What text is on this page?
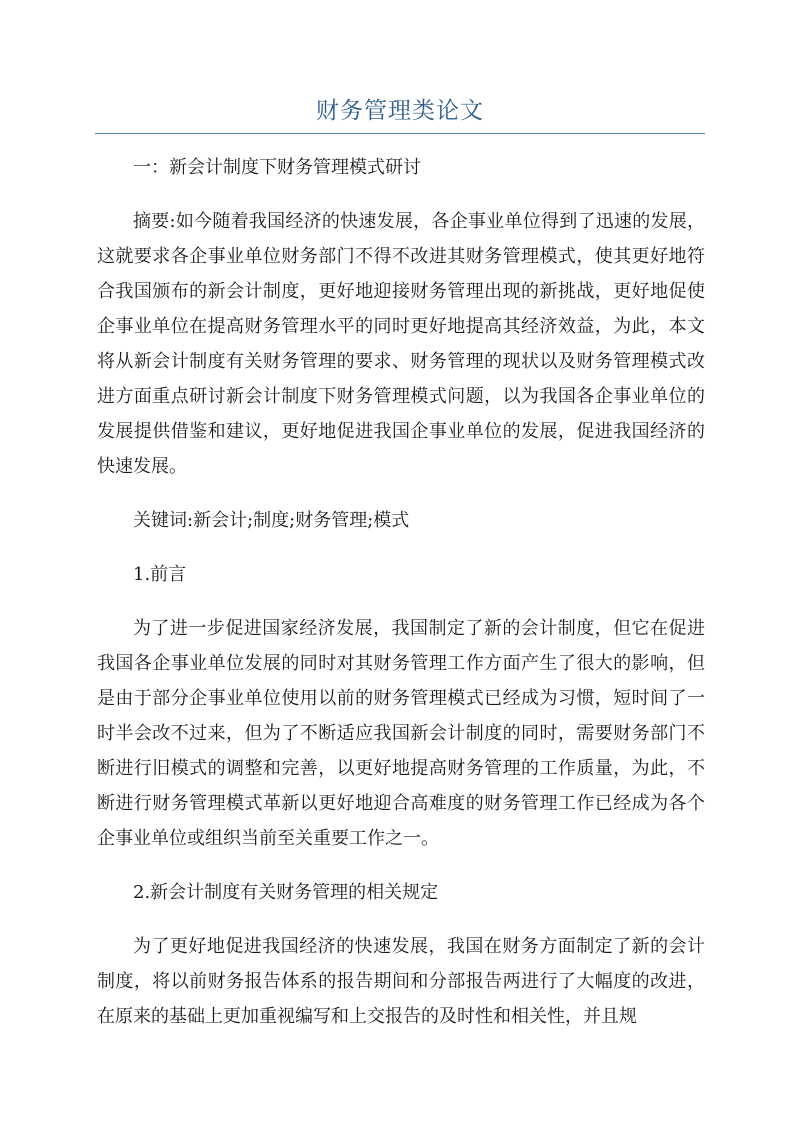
财务管理类论文

一：新会计制度下财务管理模式研讨

摘要:如今随着我国经济的快速发展，各企事业单位得到了迅速的发展，这就要求各企事业单位财务部门不得不改进其财务管理模式，使其更好地符合我国颁布的新会计制度，更好地迎接财务管理出现的新挑战，更好地促使企事业单位在提高财务管理水平的同时更好地提高其经济效益，为此，本文将从新会计制度有关财务管理的要求、财务管理的现状以及财务管理模式改进方面重点研讨新会计制度下财务管理模式问题，以为我国各企事业单位的发展提供借鉴和建议，更好地促进我国企事业单位的发展，促进我国经济的快速发展。

关键词:新会计;制度;财务管理;模式

1.前言

为了进一步促进国家经济发展，我国制定了新的会计制度，但它在促进我国各企事业单位发展的同时对其财务管理工作方面产生了很大的影响，但是由于部分企事业单位使用以前的财务管理模式已经成为习惯，短时间了一时半会改不过来，但为了不断适应我国新会计制度的同时，需要财务部门不断进行旧模式的调整和完善，以更好地提高财务管理的工作质量，为此，不断进行财务管理模式革新以更好地迎合高难度的财务管理工作已经成为各个企事业单位或组织当前至关重要工作之一。

2.新会计制度有关财务管理的相关规定

为了更好地促进我国经济的快速发展，我国在财务方面制定了新的会计制度，将以前财务报告体系的报告期间和分部报告两进行了大幅度的改进，在原来的基础上更加重视编写和上交报告的及时性和相关性，并且规
